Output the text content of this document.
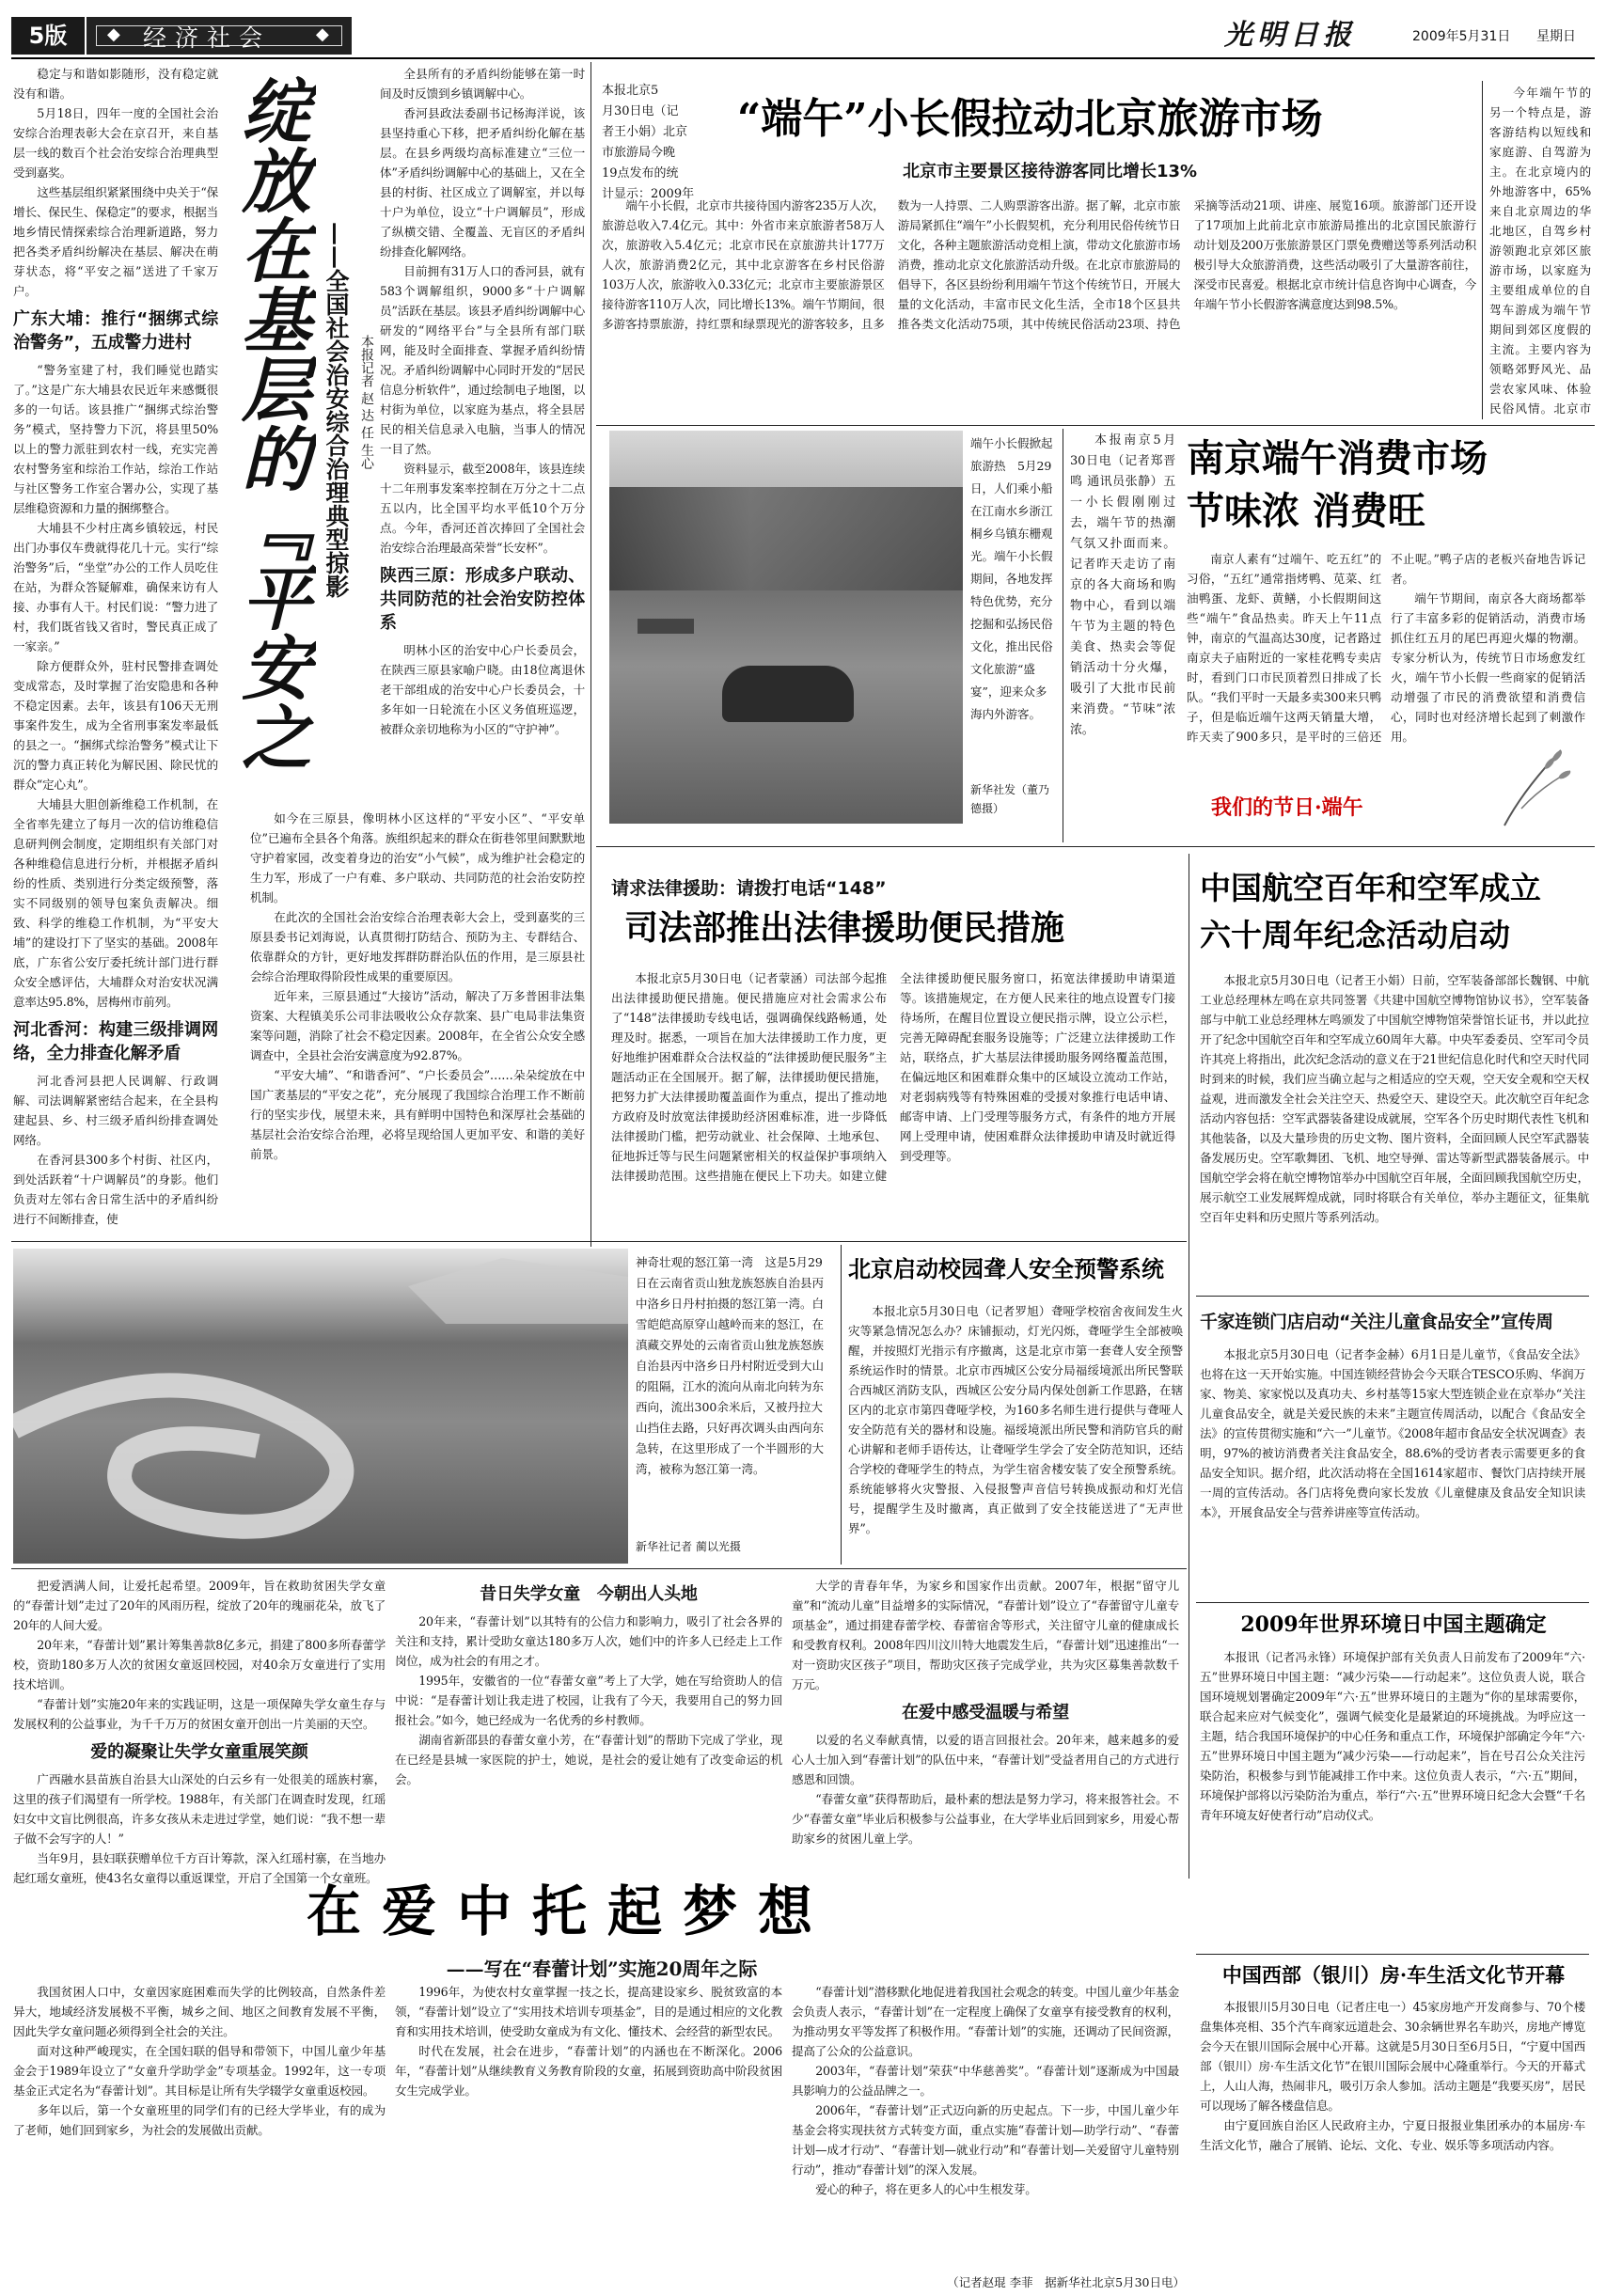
5版	◆ 经济社会	◆	光明日报	2009年5月31日	星期日

稳定与和谐如影随形，没有稳定就没有和谐。

5月18日，四年一度的全国社会治安综合治理表彰大会在京召开，来自基层一线的数百个社会治安综合治理典型受到嘉奖。

这些基层组织紧紧围绕中央关于“保增长、保民生、保稳定”的要求，根据当地乡情民情探索综合治理新道路，努力把各类矛盾纠纷解决在基层、解决在萌芽状态，将“平安之福”送进了千家万户。

广东大埔：推行“捆绑式综治警务”，五成警力进村

“警务室建了村，我们睡觉也踏实了。”这是广东大埔县农民近年来感慨很多的一句话。该县推广“捆绑式综治警务”模式，坚持警力下沉，将县里50%以上的警力派驻到农村一线，充实完善农村警务室和综治工作站，综治工作站与社区警务工作室合署办公，实现了基层维稳资源和力量的捆绑整合。

大埔县不少村庄离乡镇较远，村民出门办事仅车费就得花几十元。实行“综治警务”后，“坐堂”办公的工作人员吃住在站，为群众答疑解难，确保来访有人接、办事有人干。村民们说：“警力进了村，我们既省钱又省时，警民真正成了一家亲。”

除方便群众外，驻村民警排查调处变成常态，及时掌握了治安隐患和各种不稳定因素。去年，该县有106天无刑事案件发生，成为全省刑事案发率最低的县之一。“捆绑式综治警务”模式让下沉的警力真正转化为解民困、除民忧的群众“定心丸”。

大埔县大胆创新维稳工作机制，在全省率先建立了每月一次的信访维稳信息研判例会制度，定期组织有关部门对各种维稳信息进行分析，并根据矛盾纠纷的性质、类别进行分类定级预警，落实不同级别的领导包案负责解决。细致、科学的维稳工作机制，为“平安大埔”的建设打下了坚实的基础。2008年底，广东省公安厅委托统计部门进行群众安全感评估，大埔群众对治安状况满意率达95.8%，居梅州市前列。

河北香河：构建三级排调网络，全力排查化解矛盾

河北香河县把人民调解、行政调解、司法调解紧密结合起来，在全县构建起县、乡、村三级矛盾纠纷排查调处网络。

在香河县300多个村街、社区内，到处活跃着“十户调解员”的身影。他们负责对左邻右舍日常生活中的矛盾纠纷进行不间断排查，使

绽放在基层的『平安之
——全国社会治安综合治理典型掠影 本报记者 赵 达 任 生心

全县所有的矛盾纠纷能够在第一时间及时反馈到乡镇调解中心。

香河县政法委副书记杨海洋说，该县坚持重心下移，把矛盾纠纷化解在基层。在县乡两级均高标准建立“三位一体”矛盾纠纷调解中心的基础上，又在全县的村街、社区成立了调解室，并以每十户为单位，设立“十户调解员”，形成了纵横交错、全覆盖、无盲区的矛盾纠纷排查化解网络。

目前拥有31万人口的香河县，就有583个调解组织，9000多“十户调解员”活跃在基层。该县矛盾纠纷调解中心研发的“网络平台”与全县所有部门联网，能及时全面排查、掌握矛盾纠纷情况。矛盾纠纷调解中心同时开发的“居民信息分析软件”，通过绘制电子地图，以村街为单位，以家庭为基点，将全县居民的相关信息录入电脑，当事人的情况一目了然。

资料显示，截至2008年，该县连续十二年刑事发案率控制在万分之十二点五以内，比全国平均水平低10个万分点。今年，香河还首次捧回了全国社会治安综合治理最高荣誉“长安杯”。

陕西三原：形成多户联动、共同防范的社会治安防控体系

明林小区的治安中心户长委员会，在陕西三原县家喻户晓。由18位离退休老干部组成的治安中心户长委员会，十多年如一日轮流在小区义务值班巡逻，被群众亲切地称为小区的“守护神”。

如今在三原县，像明林小区这样的“平安小区”、“平安单位”已遍布全县各个角落。族组织起来的群众在街巷邻里间默默地守护着家园，改变着身边的治安“小气候”，成为维护社会稳定的生力军，形成了一户有难、多户联动、共同防范的社会治安防控机制。

在此次的全国社会治安综合治理表彰大会上，受到嘉奖的三原县委书记刘海说，认真贯彻打防结合、预防为主、专群结合、依靠群众的方针，更好地发挥群防群治队伍的作用，是三原县社会综合治理取得阶段性成果的重要原因。

近年来，三原县通过“大接访”活动，解决了万多普困非法集资案、大程镇美乐公司非法吸收公众存款案、县广电局非法集资案等问题，消除了社会不稳定因素。2008年，在全省公众安全感调查中，全县社会治安满意度为92.87%。

“平安大埔”、“和谐香河”、“户长委员会”……朵朵绽放在中国广袤基层的“平安之花”，充分展现了我国综合治理工作不断前行的坚实步伐，展望未来，具有鲜明中国特色和深厚社会基础的基层社会治安综合治理，必将呈现给国人更加平安、和谐的美好前景。

本报北京5
月30日电（记
者王小娟）北京
市旅游局今晚
19点发布的统
计显示：2009年
“端午”小长假拉动北京旅游市场
北京市主要景区接待游客同比增长13%

端午小长假，北京市共接待国内游客235万人次，旅游总收入7.4亿元。其中：外省市来京旅游者58万人次，旅游收入5.4亿元；北京市民在京旅游共计177万人次，旅游消费2亿元，其中北京游客在乡村民俗游103万人次，旅游收入0.33亿元；北京市主要旅游景区接待游客110万人次，同比增长13%。端午节期间，很多游客持票旅游，持红票和绿票现光的游客较多，且多数为一人持票、二人购票游客出游。据了解，北京市旅游局紧抓住“端午”小长假契机，充分利用民俗传统节日文化，各种主题旅游活动竞相上演，带动文化旅游市场消费，推动北京文化旅游活动升级。在北京市旅游局的倡导下，各区县纷纷利用端午节这个传统节日，开展大量的文化活动，丰富市民文化生活，全市18个区县共推各类文化活动75项，其中传统民俗活动23项、持色采摘等活动21项、讲座、展览16项。旅游部门还开设了17项加上此前北京市旅游局推出的北京国民旅游行动计划及200万张旅游景区门票免费赠送等系列活动积极引导大众旅游消费，这些活动吸引了大量游客前往，深受市民喜爱。根据北京市统计信息咨询中心调查，今年端午节小长假游客满意度达到98.5%。

今年端午节的另一个特点是，游客游结构以短线和家庭游、自驾游为主。在北京境内的外地游客中，65%来自北京周边的华北地区，自驾乡村游领跑北京郊区旅游市场，以家庭为主要组成单位的自驾车游成为端午节期间到郊区度假的主流。主要内容为领略郊野风光、品尝农家风味、体验民俗风情。北京市

端午小长假掀起旅游热　5月29日，人们乘小船在江南水乡浙江桐乡乌镇东栅观光。端午小长假期间，各地发挥特色优势，充分挖掘和弘扬民俗文化，推出民俗文化旅游“盛宴”，迎来众多海内外游客。
新华社发（董乃德摄）

本报南京5月30日电（记者郑晋鸣 通讯员张静）五一小长假刚刚过去，端午节的热潮气氛又扑面而来。记者昨天走访了南京的各大商场和购物中心，看到以端午节为主题的特色美食、热卖会等促销活动十分火爆，吸引了大批市民前来消费。“节味”浓浓。

南京端午消费市场
节味浓 消费旺

南京人素有“过端午、吃五红”的习俗，“五红”通常指烤鸭、苋菜、红油鸭蛋、龙虾、黄鳝，小长假期间这些“端午”食品热卖。昨天上午11点钟，南京的气温高达30度，记者路过南京夫子庙附近的一家桂花鸭专卖店时，看到门口市民顶着烈日排成了长队。“我们平时一天最多卖300来只鸭子，但是临近端午这两天销量大增，昨天卖了900多只，是平时的三倍还不止呢。”鸭子店的老板兴奋地告诉记者。

端午节期间，南京各大商场都举行了丰富多彩的促销活动，消费市场抓住红五月的尾巴再迎火爆的物潮。专家分析认为，传统节日市场愈发红火，端午节小长假一些商家的促销活动增强了市民的消费欲望和消费信心，同时也对经济增长起到了刺激作用。

我们的节日·端午
请求法律援助：请拨打电话“148”
司法部推出法律援助便民措施

本报北京5月30日电（记者蒙涵）司法部今起推出法律援助便民措施。便民措施应对社会需求公布了“148”法律援助专线电话，强调确保线路畅通，处理及时。据悉，一项旨在加大法律援助工作力度，更好地维护困难群众合法权益的“法律援助便民服务”主题活动正在全国展开。据了解，法律援助便民措施，把努力扩大法律援助覆盖面作为重点，提出了推动地方政府及时放宽法律援助经济困难标准，进一步降低法律援助门槛，把劳动就业、社会保障、土地承包、征地拆迁等与民生问题紧密相关的权益保护事项纳入法律援助范围。这些措施在便民上下功夫。如建立健全法律援助便民服务窗口，拓宽法律援助申请渠道等。该措施规定，在方便人民来往的地点设置专门接待场所，在醒目位置设立便民指示牌，设立公示栏，完善无障碍配套服务设施等；广泛建立法律援助工作站，联络点，扩大基层法律援助服务网络覆盖范围，在偏远地区和困难群众集中的区域设立流动工作站，对老弱病残等有特殊困难的受援对象推行电话申请、邮寄申请、上门受理等服务方式，有条件的地方开展网上受理申请，使困难群众法律援助申请及时就近得到受理等。

中国航空百年和空军成立
六十周年纪念活动启动

本报北京5月30日电（记者王小娟）日前，空军装备部部长魏钢、中航工业总经理林左鸣在京共同签署《共建中国航空博物馆协议书》，空军装备部与中航工业总经理林左鸣颁发了中国航空博物馆荣誉馆长证书，并以此拉开了纪念中国航空百年和空军成立60周年大幕。中央军委委员、空军司令员许其亮上将指出，此次纪念活动的意义在于21世纪信息化时代和空天时代同时到来的时候，我们应当确立起与之相适应的空天观，空天安全观和空天权益观，进而激发全社会关注空天、热爱空天、建设空天。此次航空百年纪念活动内容包括：空军武器装备建设成就展，空军各个历史时期代表性飞机和其他装备，以及大量珍贵的历史文物、图片资料，全面回顾人民空军武器装备发展历史。空军歌舞团、飞机、地空导弹、雷达等新型武器装备展示。中国航空学会将在航空博物馆举办中国航空百年展，全面回顾我国航空历史，展示航空工业发展辉煌成就，同时将联合有关单位，举办主题征文，征集航空百年史料和历史照片等系列活动。

神奇壮观的怒江第一湾　这是5月29日在云南省贡山独龙族怒族自治县丙中洛乡日丹村拍摄的怒江第一湾。白雪皑皑高原穿山越岭而来的怒江，在滇藏交界处的云南省贡山独龙族怒族自治县丙中洛乡日丹村附近受到大山的阻隔，江水的流向从南北向转为东西向，流出300余米后，又被丹拉大山挡住去路，只好再次调头由西向东急转，在这里形成了一个半圆形的大湾，被称为怒江第一湾。
新华社记者 蔺以光摄
北京启动校园聋人安全预警系统

本报北京5月30日电（记者罗旭）聋哑学校宿舍夜间发生火灾等紧急情况怎么办？床铺振动，灯光闪烁，聋哑学生全部被唤醒，并按照灯光指示有序撤离，这是北京市第一套聋人安全预警系统运作时的情景。北京市西城区公安分局福绥境派出所民警联合西城区消防支队，西城区公安分局内保处创新工作思路，在辖区内的北京市第四聋哑学校，为160多名师生进行提供与聋哑人安全防范有关的器材和设施。福绥境派出所民警和消防官兵的耐心讲解和老师手语传达，让聋哑学生学会了安全防范知识，还结合学校的聋哑学生的特点，为学生宿舍楼安装了安全预警系统。系统能够将火灾警报、入侵报警声音信号转换成振动和灯光信号，提醒学生及时撤离，真正做到了安全技能送进了“无声世界”。

千家连锁门店启动“关注儿童食品安全”宣传周

本报北京5月30日电（记者李金赫）6月1日是儿童节，《食品安全法》也将在这一天开始实施。中国连锁经营协会今天联合TESCO乐购、华润万家、物美、家家悦以及真功夫、乡村基等15家大型连锁企业在京举办“关注儿童食品安全，就是关爱民族的未来”主题宣传周活动，以配合《食品安全法》的宣传贯彻实施和“六一”儿童节。《2008年超市食品安全状况调查》表明，97%的被访消费者关注食品安全，88.6%的受访者表示需要更多的食品安全知识。据介绍，此次活动将在全国1614家超市、餐饮门店持续开展一周的宣传活动。各门店将免费向家长发放《儿童健康及食品安全知识读本》，开展食品安全与营养讲座等宣传活动。

2009年世界环境日中国主题确定

本报讯（记者冯永锋）环境保护部有关负责人日前发布了2009年“六·五”世界环境日中国主题：“减少污染——行动起来”。这位负责人说，联合国环境规划署确定2009年“六·五”世界环境日的主题为“你的星球需要你，联合起来应对气候变化”，强调气候变化是最紧迫的环境挑战。为呼应这一主题，结合我国环境保护的中心任务和重点工作，环境保护部确定今年“六·五”世界环境日中国主题为“减少污染——行动起来”，旨在号召公众关注污染防治，积极参与到节能减排工作中来。这位负责人表示，“六·五”期间，环境保护部将以污染防治为重点，举行“六·五”世界环境日纪念大会暨“千名青年环境友好使者行动”启动仪式。

中国西部（银川）房·车生活文化节开幕

本报银川5月30日电（记者庄电一）45家房地产开发商参与、70个楼盘集体亮相、35个汽车商家远道赴会、30余辆世界名车助兴，房地产博览会今天在银川国际会展中心开幕。这就是5月30日至6月5日，“宁夏中国西部（银川）房·车生活文化节”在银川国际会展中心隆重举行。今天的开幕式上，人山人海，热闹非凡，吸引万余人参加。活动主题是“我要买房”，居民可以现场了解各楼盘信息。

由宁夏回族自治区人民政府主办，宁夏日报报业集团承办的本届房·车生活文化节，融合了展销、论坛、文化、专业、娱乐等多项活动内容。

把爱洒满人间，让爱托起希望。2009年，旨在救助贫困失学女童的“春蕾计划”走过了20年的风雨历程，绽放了20年的瑰丽花朵，放飞了20年的人间大爱。

20年来，“春蕾计划”累计筹集善款8亿多元，捐建了800多所春蕾学校，资助180多万人次的贫困女童返回校园，对40余万女童进行了实用技术培训。

“春蕾计划”实施20年来的实践证明，这是一项保障失学女童生存与发展权利的公益事业，为千千万万的贫困女童开创出一片美丽的天空。

爱的凝聚让失学女童重展笑颜

广西融水县苗族自治县大山深处的白云乡有一处很美的瑶族村寨，这里的孩子们渴望有一所学校。1988年，有关部门在调查时发现，红瑶妇女中文盲比例很高，许多女孩从未走进过学堂，她们说：“我不想一辈子做不会写字的人！”

当年9月，县妇联获赠单位千方百计筹款，深入红瑶村寨，在当地办起红瑶女童班，使43名女童得以重返课堂，开启了全国第一个女童班。

昔日失学女童　今朝出人头地

20年来，“春蕾计划”以其特有的公信力和影响力，吸引了社会各界的关注和支持，累计受助女童达180多万人次，她们中的许多人已经走上工作岗位，成为社会的有用之才。

1995年，安徽省的一位“春蕾女童”考上了大学，她在写给资助人的信中说：“是春蕾计划让我走进了校园，让我有了今天，我要用自己的努力回报社会。”如今，她已经成为一名优秀的乡村教师。

湖南省新邵县的春蕾女童小芳，在“春蕾计划”的帮助下完成了学业，现在已经是县城一家医院的护士，她说，是社会的爱让她有了改变命运的机会。

大学的青春年华，为家乡和国家作出贡献。2007年，根据“留守儿童”和“流动儿童”目益增多的实际情况，“春蕾计划”设立了“春蕾留守儿童专项基金”，通过捐建春蕾学校、春蕾宿舍等形式，关注留守儿童的健康成长和受教育权利。2008年四川汶川特大地震发生后，“春蕾计划”迅速推出“一对一资助灾区孩子”项目，帮助灾区孩子完成学业，共为灾区募集善款数千万元。

在爱中感受温暖与希望

以爱的名义奉献真情，以爱的语言回报社会。20年来，越来越多的爱心人士加入到“春蕾计划”的队伍中来，“春蕾计划”受益者用自己的方式进行感恩和回馈。

“春蕾女童”获得帮助后，最朴素的想法是努力学习，将来报答社会。不少“春蕾女童”毕业后积极参与公益事业，在大学毕业后回到家乡，用爱心帮助家乡的贫困儿童上学。

在爱中托起梦想
——写在“春蕾计划”实施20周年之际

我国贫困人口中，女童因家庭困难而失学的比例较高，自然条件差异大，地域经济发展极不平衡，城乡之间、地区之间教育发展不平衡，因此失学女童问题必须得到全社会的关注。

面对这种严峻现实，在全国妇联的倡导和带领下，中国儿童少年基金会于1989年设立了“女童升学助学金”专项基金。1992年，这一专项基金正式定名为“春蕾计划”。其目标是让所有失学辍学女童重返校园。

多年以后，第一个女童班里的同学们有的已经大学毕业，有的成为了老师，她们回到家乡，为社会的发展做出贡献。

1996年，为使农村女童掌握一技之长，提高建设家乡、脱贫致富的本领，“春蕾计划”设立了“实用技术培训专项基金”，目的是通过相应的文化教育和实用技术培训，使受助女童成为有文化、懂技术、会经营的新型农民。

时代在发展，社会在进步，“春蕾计划”的内涵也在不断深化。2006年，“春蕾计划”从继续教育义务教育阶段的女童，拓展到资助高中阶段贫困女生完成学业。

“春蕾计划”潜移默化地促进着我国社会观念的转变。中国儿童少年基金会负责人表示，“春蕾计划”在一定程度上确保了女童享有接受教育的权利，为推动男女平等发挥了积极作用。“春蕾计划”的实施，还调动了民间资源，提高了公众的公益意识。

2003年，“春蕾计划”荣获“中华慈善奖”。“春蕾计划”逐渐成为中国最具影响力的公益品牌之一。

2006年，“春蕾计划”正式迈向新的历史起点。下一步，中国儿童少年基金会将实现扶贫方式转变方面，重点实施“春蕾计划—助学行动”、“春蕾计划—成才行动”、“春蕾计划—就业行动”和“春蕾计划—关爱留守儿童特别行动”，推动“春蕾计划”的深入发展。

爱心的种子，将在更多人的心中生根发芽。

（记者赵琨 李菲　据新华社北京5月30日电）
